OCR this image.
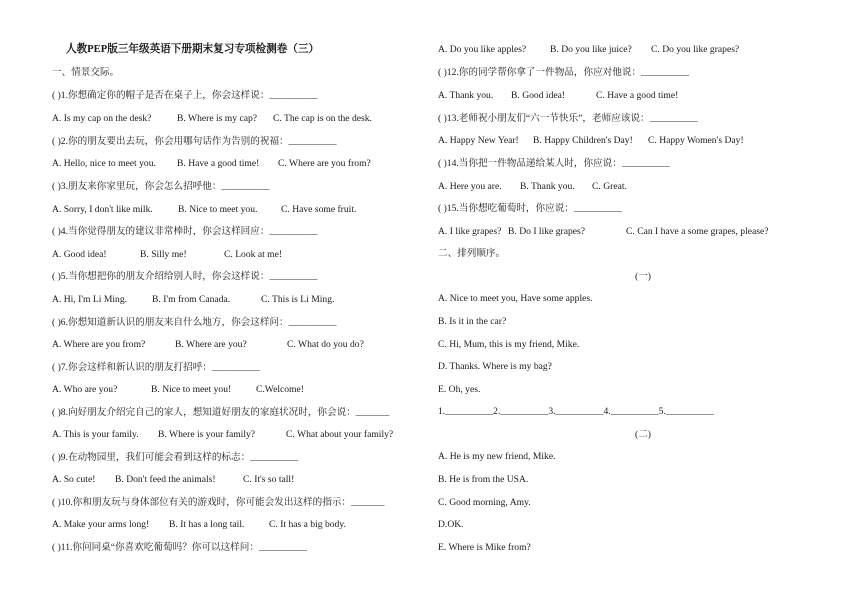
人教PEP版三年级英语下册期末复习专项检测卷（三）
一、情景交际。
( )1.你想确定你的帽子是否在桌子上，你会这样说：__________
A. Is my cap on the desk?	B. Where is my cap? C. The cap is on the desk.
( )2.你的朋友要出去玩，你会用哪句话作为告别的祝福：__________
A. Hello, nice to meet you. B. Have a good time! C. Where are you from?
( )3.朋友来你家里玩，你会怎么招呼他：__________
A. Sorry, I don't like milk.	B. Nice to meet you. C. Have some fruit.
( )4.当你觉得朋友的建议非常棒时，你会这样回应：__________
A. Good idea!	B. Silly me!	C. Look at me!
( )5.当你想把你的朋友介绍给别人时，你会这样说：__________
A. Hi, I'm Li Ming.	B. I'm from Canada.	C. This is Li Ming.
( )6.你想知道新认识的朋友来自什么地方，你会这样问：__________
A. Where are you from?	B. Where are you?	C. What do you do?
( )7.你会这样和新认识的朋友打招呼：__________
A. Who are you?	B. Nice to meet you!	C.Welcome!
( )8.向好朋友介绍完自己的家人，想知道好朋友的家庭状况时，你会说：_______
A. This is your family. B. Where is your family?	C. What about your family?
( )9.在动物园里，我们可能会看到这样的标志：__________
A. So cute! B. Don't feed the animals!	C. It's so tall!
( )10.你和朋友玩与身体部位有关的游戏时，你可能会发出这样的指示：_______
A. Make your arms long! B. It has a long tail.	C. It has a big body.
( )11.你问同桌“你喜欢吃葡萄吗？你可以这样问：__________
A. Do you like apples? B. Do you like juice? C. Do you like grapes?
( )12.你的同学帮你拿了一件物品，你应对他说：__________
A. Thank you. B. Good idea!	C. Have a good time!
( )13.老师祝小朋友们“六一节快乐”，老师应该说：__________
A. Happy New Year! B. Happy Children's Day! C. Happy Women's Day!
( )14.当你把一件物品递给某人时，你应说：__________
A. Here you are. B. Thank you. C. Great.
( )15.当你想吃葡萄时，你应说：__________
A. I like grapes? B. Do I like grapes?	C. Can I have a some grapes, please?
二、排列顺序。
(一)
A. Nice to meet you, Have some apples.
B. Is it in the car?
C. Hi, Mum, this is my friend, Mike.
D. Thanks. Where is my bag?
E. Oh, yes.
1.__________2.__________3.__________4.__________5.__________
(二)
A. He is my new friend, Mike.
B. He is from the USA.
C. Good morning, Amy.
D.OK.
E. Where is Mike from?
